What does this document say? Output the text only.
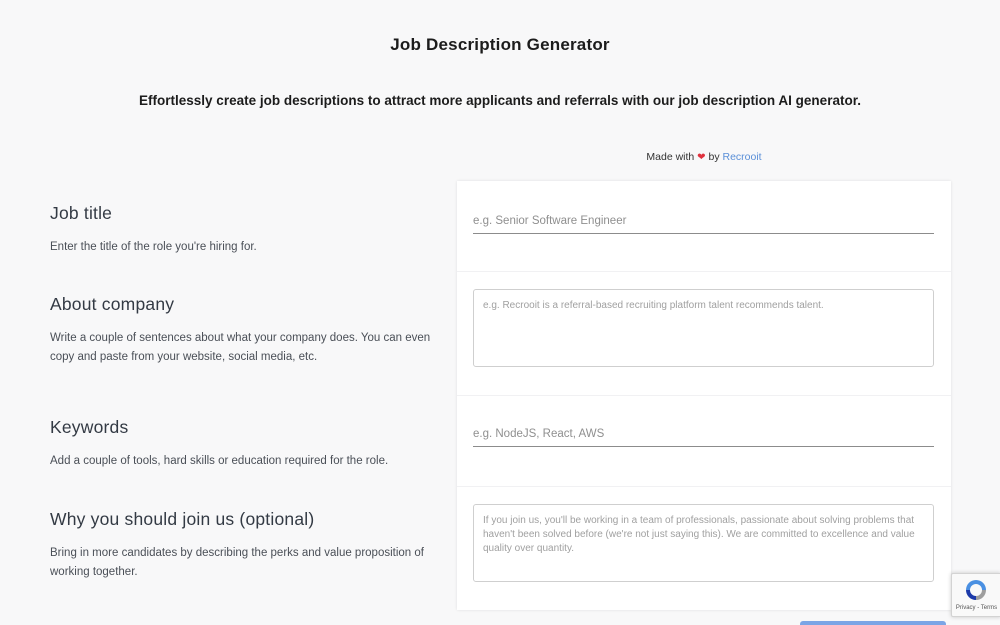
Job Description Generator
Effortlessly create job descriptions to attract more applicants and referrals with our job description AI generator.
Made with ❤ by Recrooit
Job title
Enter the title of the role you're hiring for.
About company
Write a couple of sentences about what your company does. You can even copy and paste from your website, social media, etc.
Keywords
Add a couple of tools, hard skills or education required for the role.
Why you should join us (optional)
Bring in more candidates by describing the perks and value proposition of working together.
e.g. Senior Software Engineer
e.g. Recrooit is a referral-based recruiting platform talent recommends talent.
e.g. NodeJS, React, AWS
If you join us, you'll be working in a team of professionals, passionate about solving problems that haven't been solved before (we're not just saying this). We are committed to excellence and value quality over quantity.
Privacy - Terms
